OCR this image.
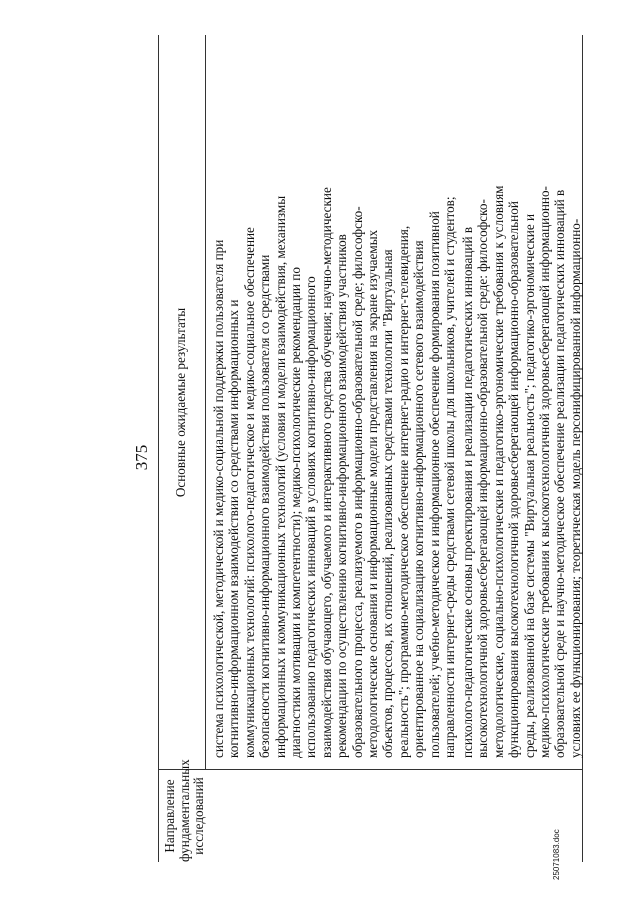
375
Направление фундаментальных исследований
Основные ожидаемые результаты система психологической, методической и медико-социальной поддержки пользователя при когнитивно-информационном взаимодействии со средствами информационных и коммуникационных технологий: психолого-педагогическое и медико-социальное обеспечение безопасности когнитивно-информационного взаимодействия пользователя со средствами информационных и коммуникационных технологий (условия и модели взаимодействия, механизмы диагностики мотивации и компетентности); медико-психологические рекомендации по использованию педагогических инноваций в условиях когнитивно-информационного взаимодействия обучающего, обучаемого и интерактивного средства обучения; научно-методические рекомендации по осуществлению когнитивно-информационного взаимодействия участников образовательного процесса, реализуемого в информационно-образовательной среде; философско- методологические основания и информационные модели представления на экране изучаемых объектов, процессов, их отношений, реализованных средствами технологии "Виртуальная реальность"; программно-методическое обеспечение интернет-радио и интернет-телевидения, ориентированное на социализацию когнитивно-информационного сетевого взаимодействия пользователей; учебно-методическое и информационное обеспечение формирования позитивной направленности интернет-среды средствами сетевой школы для школьников, учителей и студентов; психолого-педагогические основы проектирования и реализации педагогических инноваций в высокотехнологичной здоровьесберегающей информационно-образовательной среде: философско- методологические, социально-психологические и педагогико-эргономические требования к условиям функционирования высокотехнологичной здоровьесберегающей информационно-образовательной среды, реализованной на базе системы "Виртуальная реальность"; педагогико-эргономические и медико-психологические требования к высокотехнологичной здоровьесберегающей информационно- образовательной среде и научно-методическое обеспечение реализации педагогических инноваций в условиях ее функционирования; теоретическая модель персонифицированной информационно-
25071083.doc
